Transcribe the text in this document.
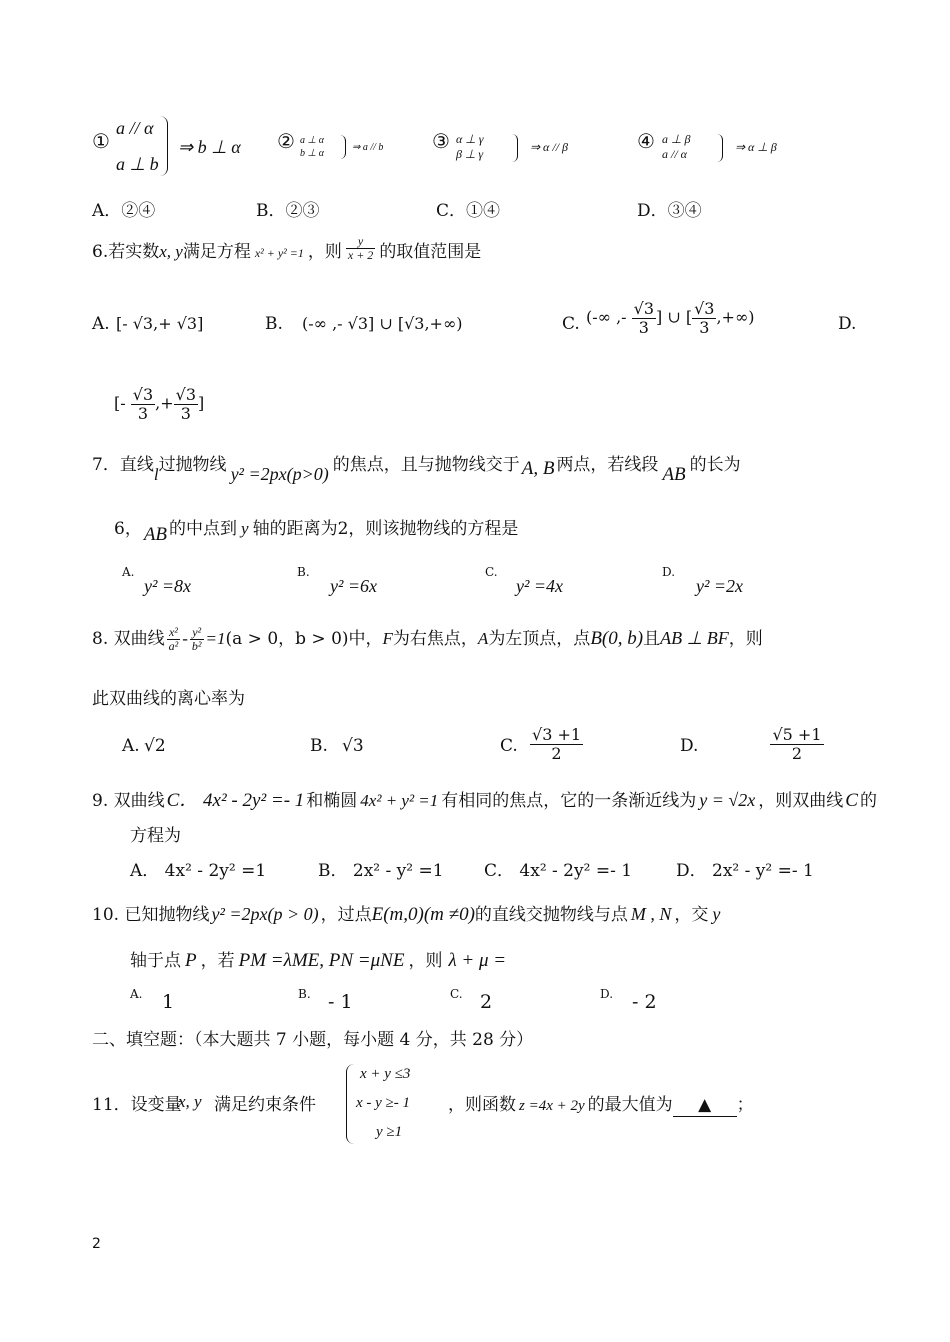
①
a // α
a ⊥ b
⇒ b ⊥ α ② a ⊥ α
b ⊥ α
⇒ a // b ③ α ⊥ γ
β ⊥ γ	⇒ α // β	④ a ⊥ β
a // α	⇒ α ⊥ β
A．②④	B．②③	C．①④	D．③④
6.若实数x, y满足方程 x² + y² =1 ，则 $\frac{y}{x + 2}$ 的取值范围是
A. [- √3,+ √3]	B. (-∞ ,- √3] ∪ [√3,+∞)	C. (-∞ ,- $\frac{√3}{3}$ ] ∪ [ $\frac{√3}{3}$ ,+∞)	D.
[- $\frac{√3}{3}$ ,+ $\frac{√3}{3}$ ]
7．直线l过抛物线 y² =2px(p>0) 的焦点，且与抛物线交于 A, B 两点，若线段 AB 的长为
6， AB 的中点到 y 轴的距离为2，则该抛物线的方程是
A.
y² =8x
B.
y² =6x
C.
y² =4x
D.
y² =2x
8. 双曲线 $\frac{\text{x²}}{\text{a²}} - \frac{\text{y²}}{\text{b²}} =1(a > 0$，b > 0)中，F为右焦点，A为左顶点，点B(0, b)且AB ⊥ BF，则
此双曲线的离心率为
A. √2	B. √3	C. $\frac{√3 +1}{2}$
	D.	$\frac{√5 +1}{2}$
9. 双曲线 C． 4x² - 2y² =- 1 和椭圆 4x² + y² =1 有相同的焦点，它的一条渐近线为 y = √2x ，则双曲线 C 的
方程为
A． 4x² - 2y² =1	B． 2x² - y² =1 C． 4x² - 2y² =- 1	D． 2x² - y² =- 1
10. 已知抛物线 y² =2px(p > 0) ，过点E(m,0)(m ≠0)的直线交抛物线与点 M , N ，交 y
轴于点 P ，若 PM =λME, PN =μNE ，则 λ + μ =
A. 1	B. - 1	C. 2	D. - 2
二、填空题：（本大题共 7 小题，每小题 4 分，共 28 分）
11．设变量
x, y 满足约束条件
x + y ≤3
x - y ≥- 1
y ≥1
，则函数 z =4x + 2y 的最大值为 ▲ ；
2
